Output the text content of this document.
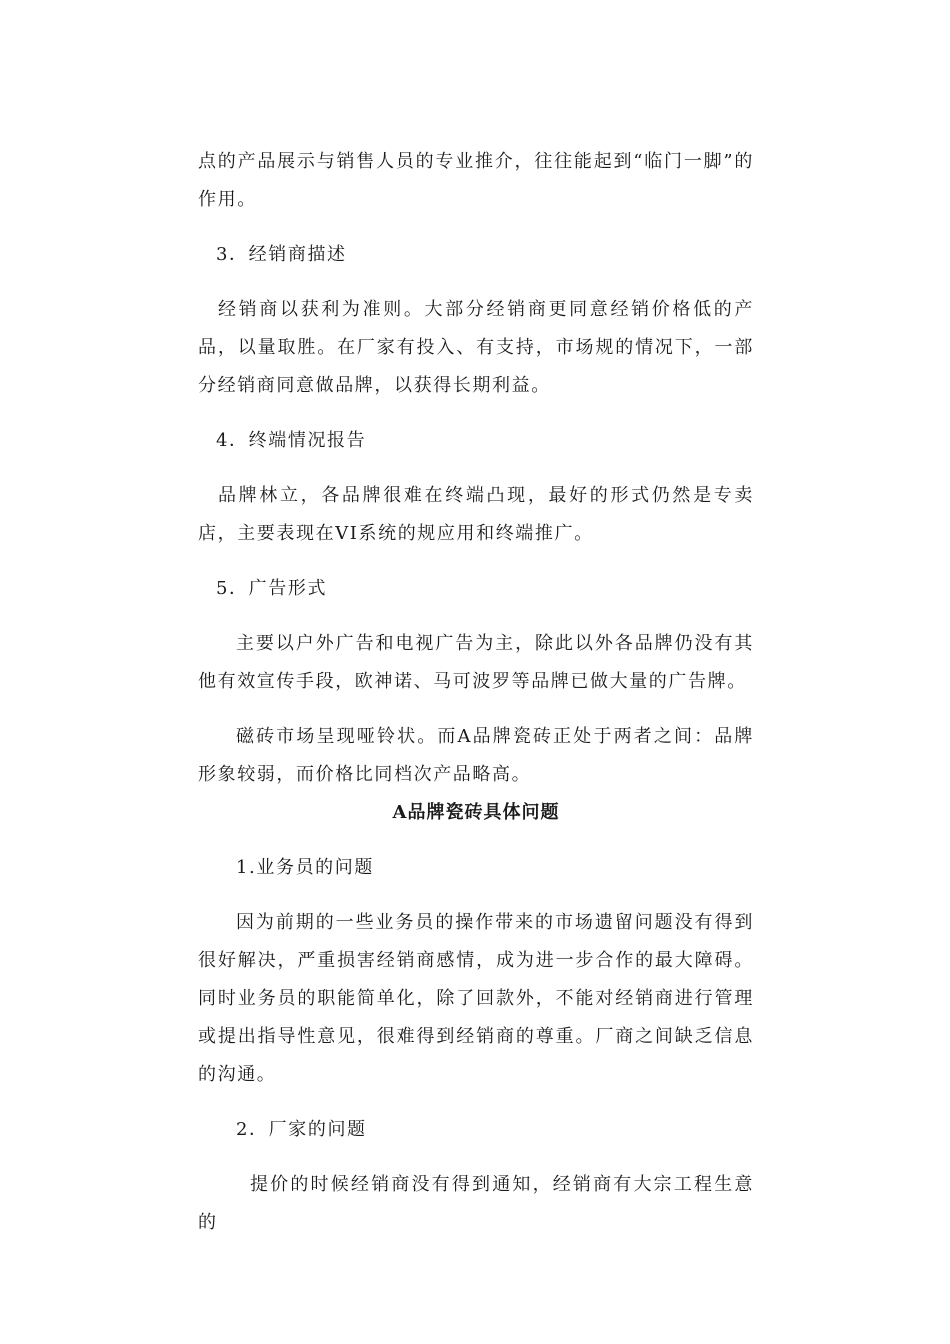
点的产品展示与销售人员的专业推介，往往能起到“临门一脚”的作用。

3．经销商描述

经销商以获利为准则。大部分经销商更同意经销价格低的产品，以量取胜。在厂家有投入、有支持，市场规的情况下，一部分经销商同意做品牌，以获得长期利益。

4．终端情况报告

品牌林立，各品牌很难在终端凸现，最好的形式仍然是专卖店，主要表现在VI系统的规应用和终端推广。

5．广告形式

主要以户外广告和电视广告为主，除此以外各品牌仍没有其他有效宣传手段，欧神诺、马可波罗等品牌已做大量的广告牌。

磁砖市场呈现哑铃状。而A品牌瓷砖正处于两者之间：品牌形象较弱，而价格比同档次产品略高。

A品牌瓷砖具体问题

1.业务员的问题

因为前期的一些业务员的操作带来的市场遗留问题没有得到很好解决，严重损害经销商感情，成为进一步合作的最大障碍。同时业务员的职能简单化，除了回款外，不能对经销商进行管理或提出指导性意见，很难得到经销商的尊重。厂商之间缺乏信息的沟通。

2．厂家的问题

提价的时候经销商没有得到通知，经销商有大宗工程生意的
